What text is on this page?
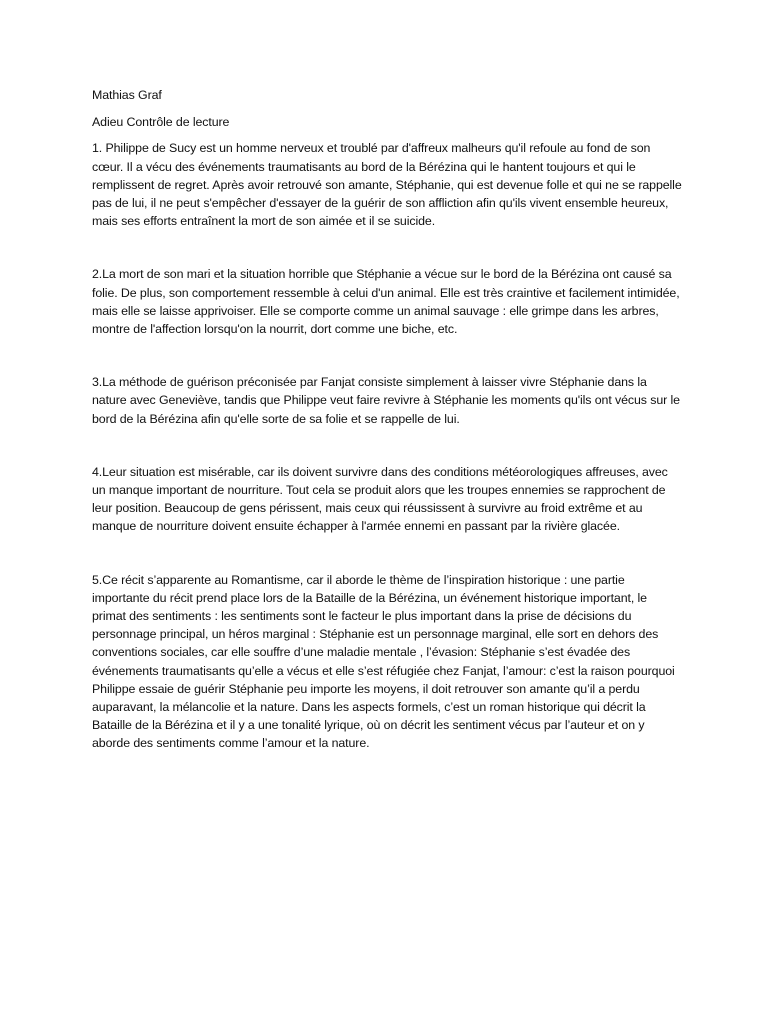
Mathias Graf

Adieu Contrôle de lecture

1. Philippe de Sucy est un homme nerveux et troublé par d'affreux malheurs qu'il refoule au fond de son cœur. Il a vécu des événements traumatisants au bord de la Bérézina qui le hantent toujours et qui le remplissent de regret. Après avoir retrouvé son amante, Stéphanie, qui est devenue folle et qui ne se rappelle pas de lui, il ne peut s'empêcher d'essayer de la guérir de son affliction afin qu'ils vivent ensemble heureux, mais ses efforts entraînent la mort de son aimée et il se suicide.

2.La mort de son mari et la situation horrible que Stéphanie a vécue sur le bord de la Bérézina ont causé sa folie. De plus, son comportement ressemble à celui d'un animal. Elle est très craintive et facilement intimidée, mais elle se laisse apprivoiser. Elle se comporte comme un animal sauvage : elle grimpe dans les arbres, montre de l'affection lorsqu'on la nourrit, dort comme une biche, etc.

3.La méthode de guérison préconisée par Fanjat consiste simplement à laisser vivre Stéphanie dans la nature avec Geneviève, tandis que Philippe veut faire revivre à Stéphanie les moments qu'ils ont vécus sur le bord de la Bérézina afin qu'elle sorte de sa folie et se rappelle de lui.

4.Leur situation est misérable, car ils doivent survivre dans des conditions météorologiques affreuses, avec un manque important de nourriture. Tout cela se produit alors que les troupes ennemies se rapprochent de leur position. Beaucoup de gens périssent, mais ceux qui réussissent à survivre au froid extrême et au manque de nourriture doivent ensuite échapper à l'armée ennemi en passant par la rivière glacée.

5.Ce récit s’apparente au Romantisme, car il aborde le thème de l’inspiration historique : une partie importante du récit prend place lors de la Bataille de la Bérézina, un événement historique important, le primat des sentiments : les sentiments sont le facteur le plus important dans la prise de décisions du personnage principal, un héros marginal : Stéphanie est un personnage marginal, elle sort en dehors des conventions sociales, car elle souffre d’une maladie mentale , l’évasion: Stéphanie s’est évadée des événements traumatisants qu’elle a vécus et elle s’est réfugiée chez Fanjat, l’amour: c’est la raison pourquoi Philippe essaie de guérir Stéphanie peu importe les moyens, il doit retrouver son amante qu’il a perdu auparavant, la mélancolie et la nature. Dans les aspects formels, c’est un roman historique qui décrit la Bataille de la Bérézina et il y a une tonalité lyrique, où on décrit les sentiment vécus par l’auteur et on y aborde des sentiments comme l’amour et la nature.
